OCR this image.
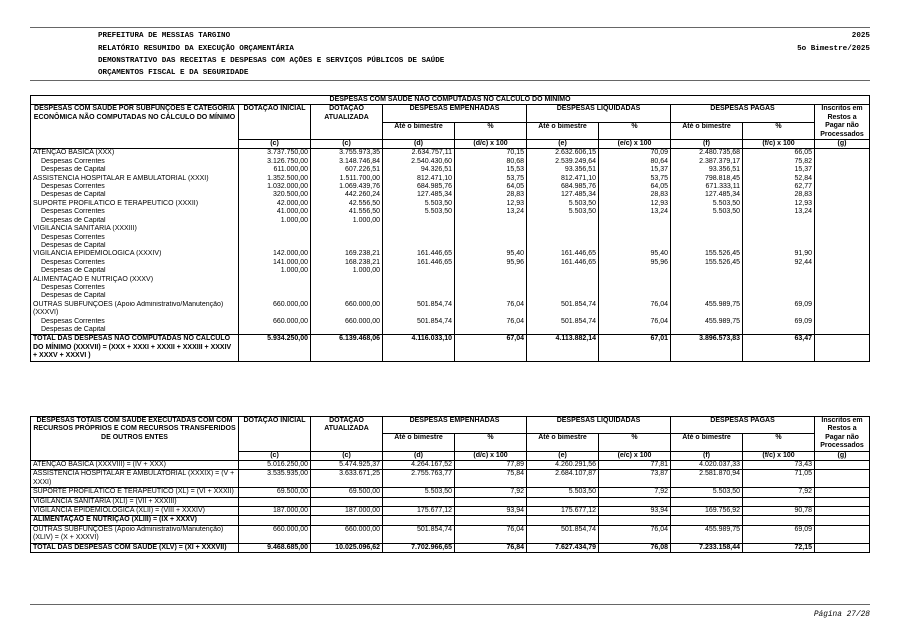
PREFEITURA DE MESSIAS TARGINO	2025
RELATÓRIO RESUMIDO DA EXECUÇÃO ORÇAMENTÁRIA	5o Bimestre/2025
DEMONSTRATIVO DAS RECEITAS E DESPESAS COM AÇÕES E SERVIÇOS PÚBLICOS DE SAÚDE
ORÇAMENTOS FISCAL E DA SEGURIDADE
DESPESAS COM SAÚDE NÃO COMPUTADAS NO CÁLCULO DO MÍNIMO									
DESPESAS COM SAUDE POR SUBFUNÇÕES E CATEGORIA ECONÔMICA NÃO COMPUTADAS NO CÁLCULO DO MÍNIMO	DOTAÇÃO INICIAL	DOTAÇÃO ATUALIZADA	DESPESAS EMPENHADAS		DESPESAS LIQUIDADAS		DESPESAS PAGAS		Inscritos em Restos a Pagar não Processados
			Até o bimestre	%	Até o bimestre	%	Até o bimestre	%	
	(c)	(c)	(d)	(d/c) x 100	(e)	(e/c) x 100	(f)	(f/c) x 100	(g)
ATENÇÃO BÁSICA (XXX)	3.737.750,00	3.755.973,35	2.634.757,11	70,15	2.632.606,15	70,09	2.480.735,68	66,05	
Despesas Correntes	3.126.750,00	3.148.746,84	2.540.430,60	80,68	2.539.249,64	80,64	2.387.379,17	75,82	
Despesas de Capital	611.000,00	607.226,51	94.326,51	15,53	93.356,51	15,37	93.356,51	15,37	
ASSISTÊNCIA HOSPITALAR E AMBULATORIAL (XXXI)	1.352.500,00	1.511.700,00	812.471,10	53,75	812.471,10	53,75	798.818,45	52,84	
Despesas Correntes	1.032.000,00	1.069.439,76	684.985,76	64,05	684.985,76	64,05	671.333,11	62,77	
Despesas de Capital	320.500,00	442.260,24	127.485,34	28,83	127.485,34	28,83	127.485,34	28,83	
SUPORTE PROFILÁTICO E TERAPÊUTICO (XXXII)	42.000,00	42.556,50	5.503,50	12,93	5.503,50	12,93	5.503,50	12,93	
Despesas Correntes	41.000,00	41.556,50	5.503,50	13,24	5.503,50	13,24	5.503,50	13,24	
Despesas de Capital	1.000,00	1.000,00							
VIGILÂNCIA SANITÁRIA (XXXIII)									
Despesas Correntes									
Despesas de Capital									
VIGILÂNCIA EPIDEMIOLÓGICA (XXXIV)	142.000,00	169.238,21	161.446,65	95,40	161.446,65	95,40	155.526,45	91,90	
Despesas Correntes	141.000,00	168.238,21	161.446,65	95,96	161.446,65	95,96	155.526,45	92,44	
Despesas de Capital	1.000,00	1.000,00							
ALIMENTAÇÃO E NUTRIÇÃO (XXXV)									
Despesas Correntes									
Despesas de Capital									
OUTRAS SUBFUNÇÕES (Apoio Administrativo/Manutenção) (XXXVI)	660.000,00	660.000,00	501.854,74	76,04	501.854,74	76,04	455.989,75	69,09	
Despesas Correntes	660.000,00	660.000,00	501.854,74	76,04	501.854,74	76,04	455.989,75	69,09	
Despesas de Capital									
TOTAL DAS DESPESAS NÃO COMPUTADAS NO CÁLCULO DO MÍNIMO (XXXVII) = (XXX + XXXI + XXXII + XXXIII + XXXIV + XXXV + XXXVI )	5.934.250,00	6.139.468,06	4.116.033,10	67,04	4.113.882,14	67,01	3.896.573,83	63,47	
DESPESAS TOTAIS COM SAÚDE EXECUTADAS COM COM RECURSOS PRÓPRIOS E COM RECURSOS TRANSFERIDOS DE OUTROS ENTES	DOTAÇÃO INICIAL	DOTAÇÃO ATUALIZADA	DESPESAS EMPENHADAS		DESPESAS LIQUIDADAS		DESPESAS PAGAS		Inscritos em Restos a Pagar não Processados
			Até o bimestre	%	Até o bimestre	%	Até o bimestre	%	
	(c)	(c)	(d)	(d/c) x 100	(e)	(e/c) x 100	(f)	(f/c) x 100	(g)
ATENÇÃO BÁSICA (XXXVIII) = (IV + XXX)	5.016.250,00	5.474.925,37	4.264.167,52	77,89	4.260.291,56	77,81	4.020.037,33	73,43	
ASSISTÊNCIA HOSPITALAR E AMBULATORIAL (XXXIX) = (V + XXXI)	3.535.935,00	3.633.671,25	2.755.763,77	75,84	2.684.107,87	73,87	2.581.870,94	71,05	
SUPORTE PROFILÁTICO E TERAPÊUTICO (XL) = (VI + XXXII)	69.500,00	69.500,00	5.503,50	7,92	5.503,50	7,92	5.503,50	7,92	
VIGILÂNCIA SANITÁRIA (XLI) = (VII + XXXIII)									
VIGILÂNCIA EPIDEMIOLÓGICA (XLII) = (VIII + XXXIV)	187.000,00	187.000,00	175.677,12	93,94	175.677,12	93,94	169.756,92	90,78	
ALIMENTAÇÃO E NUTRIÇÃO (XLIII) = (IX + XXXV)									
OUTRAS SUBFUNÇÕES (Apoio Administrativo/Manutenção) (XLIV) = (X + XXXVI)	660.000,00	660.000,00	501.854,74	76,04	501.854,74	76,04	455.989,75	69,09	
TOTAL DAS DESPESAS COM SAÚDE (XLV) = (XI + XXXVII)	9.468.685,00	10.025.096,62	7.702.966,65	76,84	7.627.434,79	76,08	7.233.158,44	72,15	
Página 27/28
